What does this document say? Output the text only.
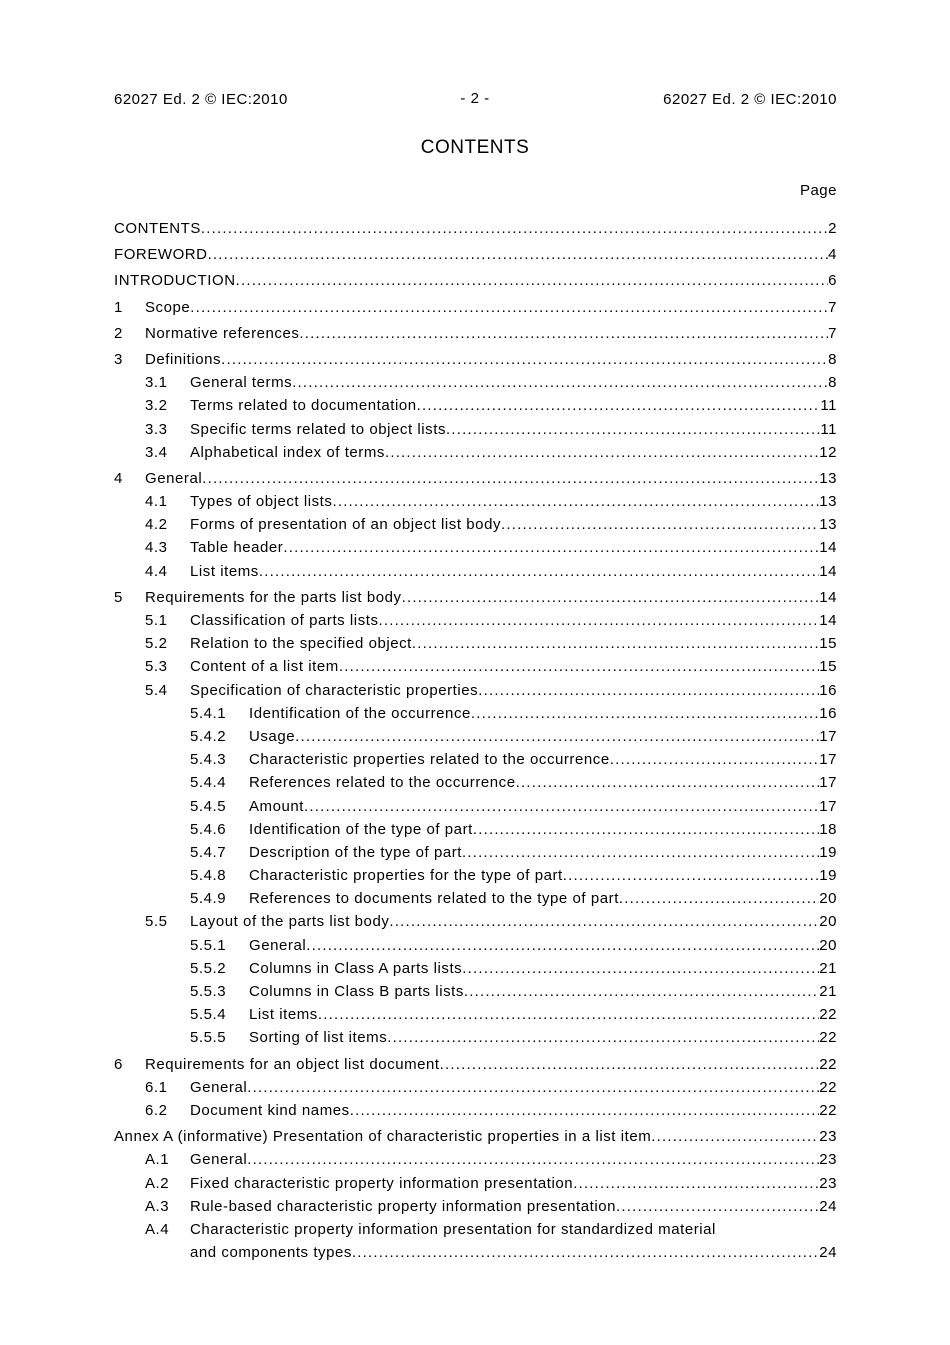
62027 Ed. 2 © IEC:2010	- 2 -	62027 Ed. 2 © IEC:2010
CONTENTS
Page
CONTENTS .....	2
FOREWORD .....	4
INTRODUCTION .....	6
1	Scope .....	7
2	Normative references .....	7
3	Definitions .....	8
3.1	General terms .....	8
3.2	Terms related to documentation .....	11
3.3	Specific terms related to object lists .....	11
3.4	Alphabetical index of terms .....	12
4	General .....	13
4.1	Types of object lists .....	13
4.2	Forms of presentation of an object list body .....	13
4.3	Table header .....	14
4.4	List items .....	14
5	Requirements for the parts list body .....	14
5.1	Classification of parts lists .....	14
5.2	Relation to the specified object .....	15
5.3	Content of a list item .....	15
5.4	Specification of characteristic properties .....	16
5.4.1	Identification of the occurrence .....	16
5.4.2	Usage .....	17
5.4.3	Characteristic properties related to the occurrence .....	17
5.4.4	References related to the occurrence .....	17
5.4.5	Amount .....	17
5.4.6	Identification of the type of part .....	18
5.4.7	Description of the type of part .....	19
5.4.8	Characteristic properties for the type of part .....	19
5.4.9	References to documents related to the type of part .....	20
5.5	Layout of the parts list body .....	20
5.5.1	General .....	20
5.5.2	Columns in Class A parts lists .....	21
5.5.3	Columns in Class B parts lists .....	21
5.5.4	List items .....	22
5.5.5	Sorting of list items .....	22
6	Requirements for an object list document .....	22
6.1	General .....	22
6.2	Document kind names .....	22
Annex A (informative) Presentation of characteristic properties in a list item .....	23
A.1	General .....	23
A.2	Fixed characteristic property information presentation .....	23
A.3	Rule-based characteristic property information presentation .....	24
A.4	Characteristic property information presentation for standardized material
and components types .....	24
